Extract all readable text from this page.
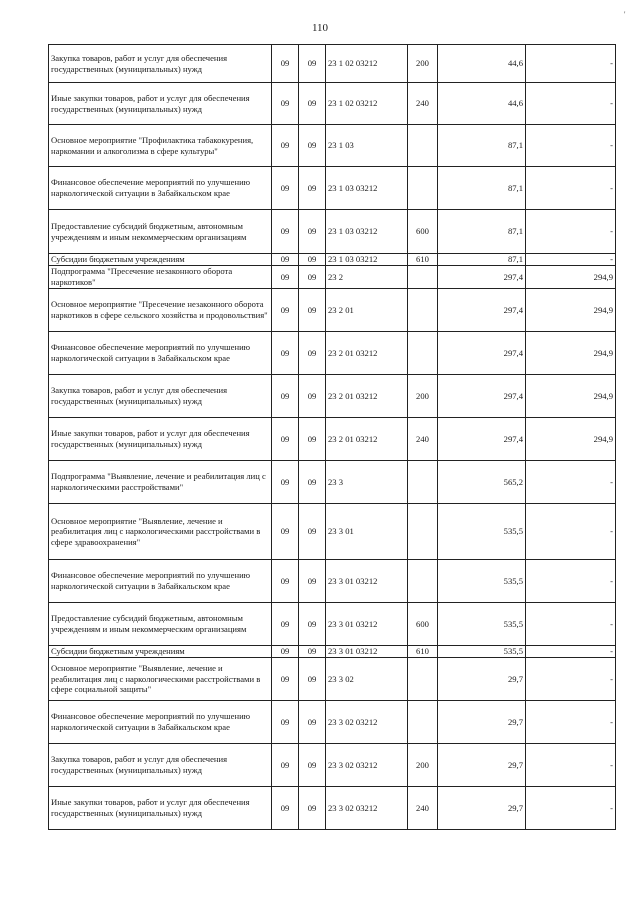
110
'
Закупка товаров, работ и услуг для обеспечения государственных (муниципальных) нужд	09	09	23 1 02 03212	200	44,6	-
Иные закупки товаров, работ и услуг для обеспечения государственных (муниципальных) нужд	09	09	23 1 02 03212	240	44,6	-
Основное мероприятие "Профилактика табакокурения, наркомании и алкоголизма в сфере культуры"	09	09	23 1 03		87,1	-
Финансовое обеспечение мероприятий по улучшению наркологической ситуации в Забайкальском крае	09	09	23 1 03 03212		87,1	-
Предоставление субсидий бюджетным, автономным учреждениям и иным некоммерческим организациям	09	09	23 1 03 03212	600	87,1	-
Субсидии бюджетным учреждениям	09	09	23 1 03 03212	610	87,1	-
Подпрограмма "Пресечение незаконного оборота наркотиков"	09	09	23 2		297,4	294,9
Основное мероприятие "Пресечение незаконного оборота наркотиков в сфере сельского хозяйства и продовольствия"	09	09	23 2 01		297,4	294,9
Финансовое обеспечение мероприятий по улучшению наркологической ситуации в Забайкальском крае	09	09	23 2 01 03212		297,4	294,9
Закупка товаров, работ и услуг для обеспечения государственных (муниципальных) нужд	09	09	23 2 01 03212	200	297,4	294,9
Иные закупки товаров, работ и услуг для обеспечения государственных (муниципальных) нужд	09	09	23 2 01 03212	240	297,4	294,9
Подпрограмма "Выявление, лечение и реабилитация лиц с наркологическими расстройствами"	09	09	23 3		565,2	-
Основное мероприятие "Выявление, лечение и реабилитация лиц с наркологическими расстройствами в сфере здравоохранения"	09	09	23 3 01		535,5	-
Финансовое обеспечение мероприятий по улучшению наркологической ситуации в Забайкальском крае	09	09	23 3 01 03212		535,5	-
Предоставление субсидий бюджетным, автономным учреждениям и иным некоммерческим организациям	09	09	23 3 01 03212	600	535,5	-
Субсидии бюджетным учреждениям	09	09	23 3 01 03212	610	535,5	-
Основное мероприятие "Выявление, лечение и реабилитация лиц с наркологическими расстройствами в сфере социальной защиты"	09	09	23 3 02		29,7	-
Финансовое обеспечение мероприятий по улучшению наркологической ситуации в Забайкальском крае	09	09	23 3 02 03212		29,7	-
Закупка товаров, работ и услуг для обеспечения государственных (муниципальных) нужд	09	09	23 3 02 03212	200	29,7	-
Иные закупки товаров, работ и услуг для обеспечения государственных (муниципальных) нужд	09	09	23 3 02 03212	240	29,7	-
